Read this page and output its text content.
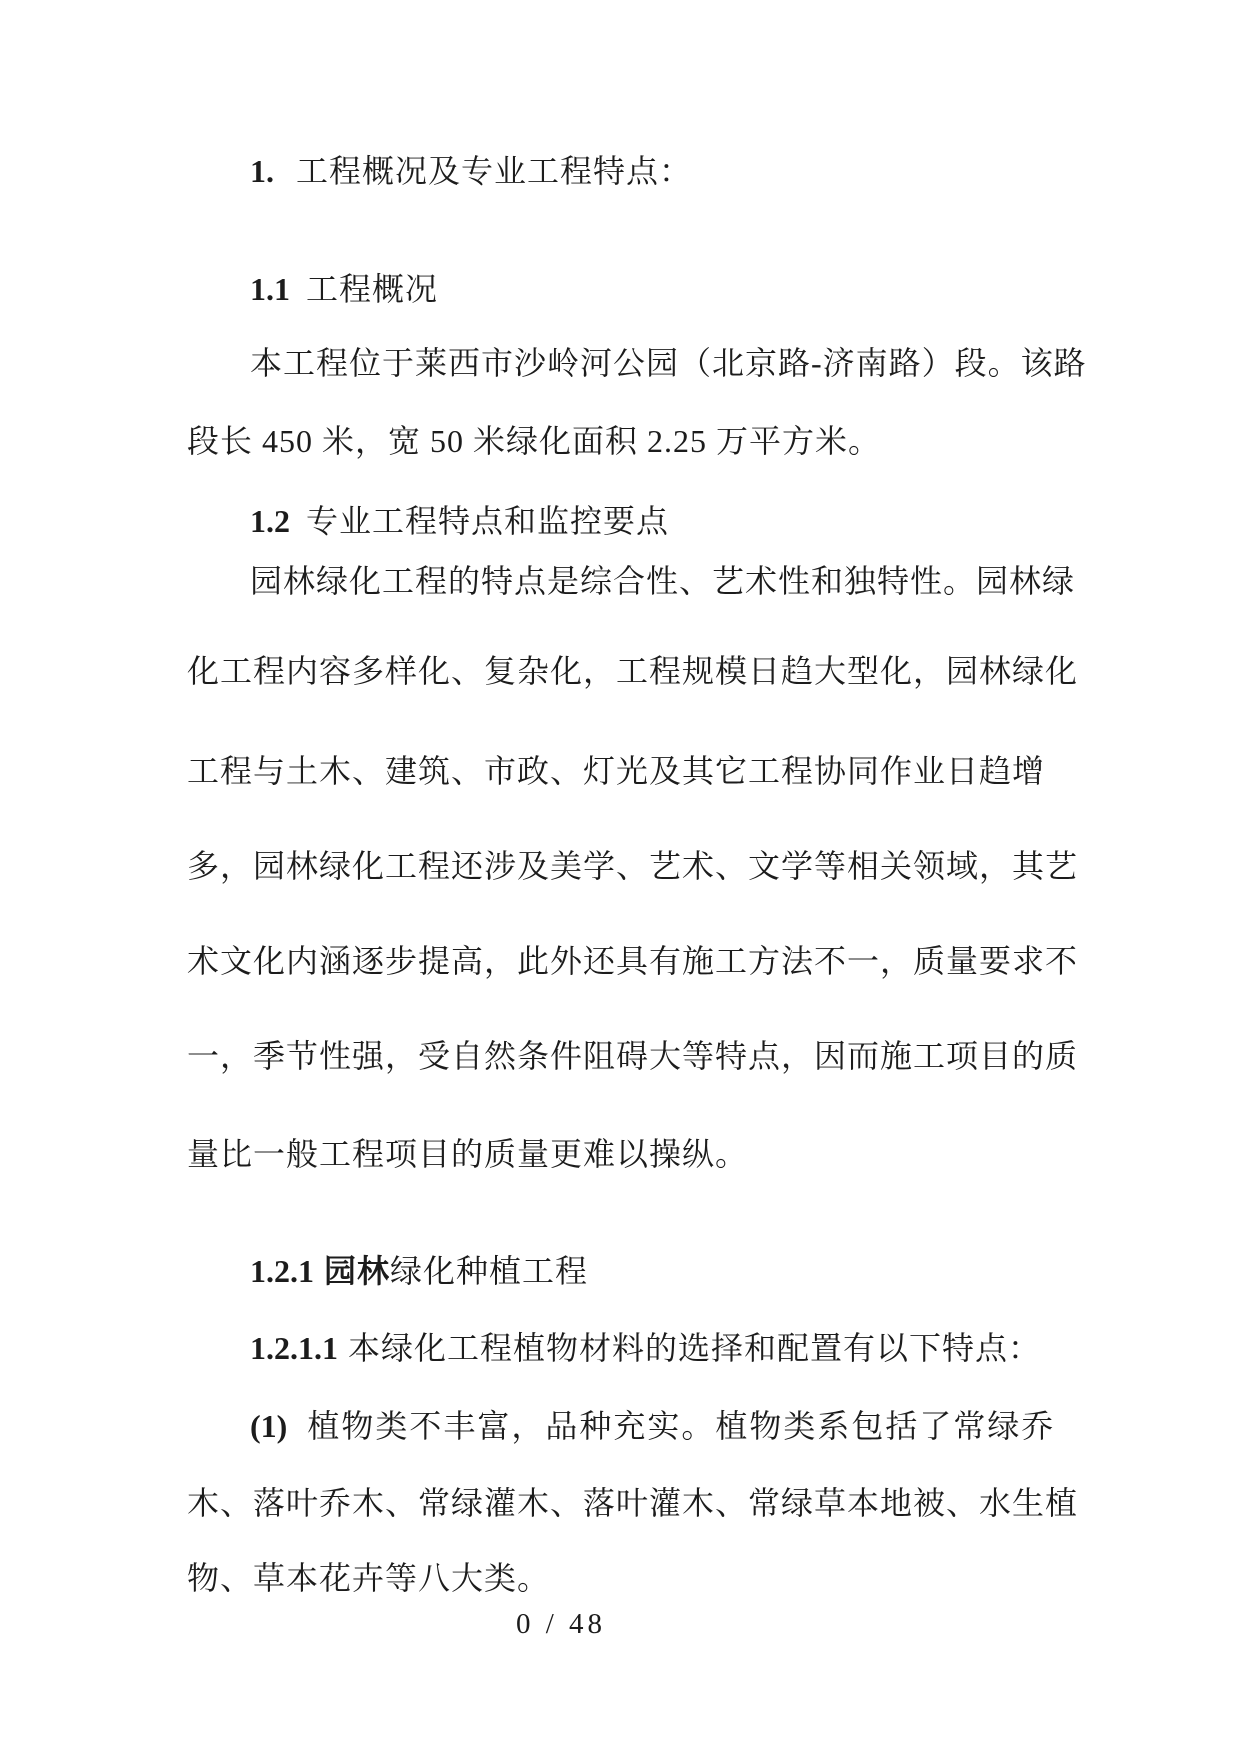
1. 工程概况及专业工程特点：
1.1 工程概况
本工程位于莱西市沙岭河公园（北京路-济南路）段。该路
段长 450 米，宽 50 米绿化面积 2.25 万平方米。
1.2 专业工程特点和监控要点
园林绿化工程的特点是综合性、艺术性和独特性。园林绿
化工程内容多样化、复杂化，工程规模日趋大型化，园林绿化
工程与土木、建筑、市政、灯光及其它工程协同作业日趋增
多，园林绿化工程还涉及美学、艺术、文学等相关领域，其艺
术文化内涵逐步提高，此外还具有施工方法不一，质量要求不
一，季节性强，受自然条件阻碍大等特点，因而施工项目的质
量比一般工程项目的质量更难以操纵。
1.2.1 园林绿化种植工程
1.2.1.1 本绿化工程植物材料的选择和配置有以下特点：
(1) 植物类不丰富，品种充实。植物类系包括了常绿乔
木、落叶乔木、常绿灌木、落叶灌木、常绿草本地被、水生植
物、草本花卉等八大类。
0 / 48
